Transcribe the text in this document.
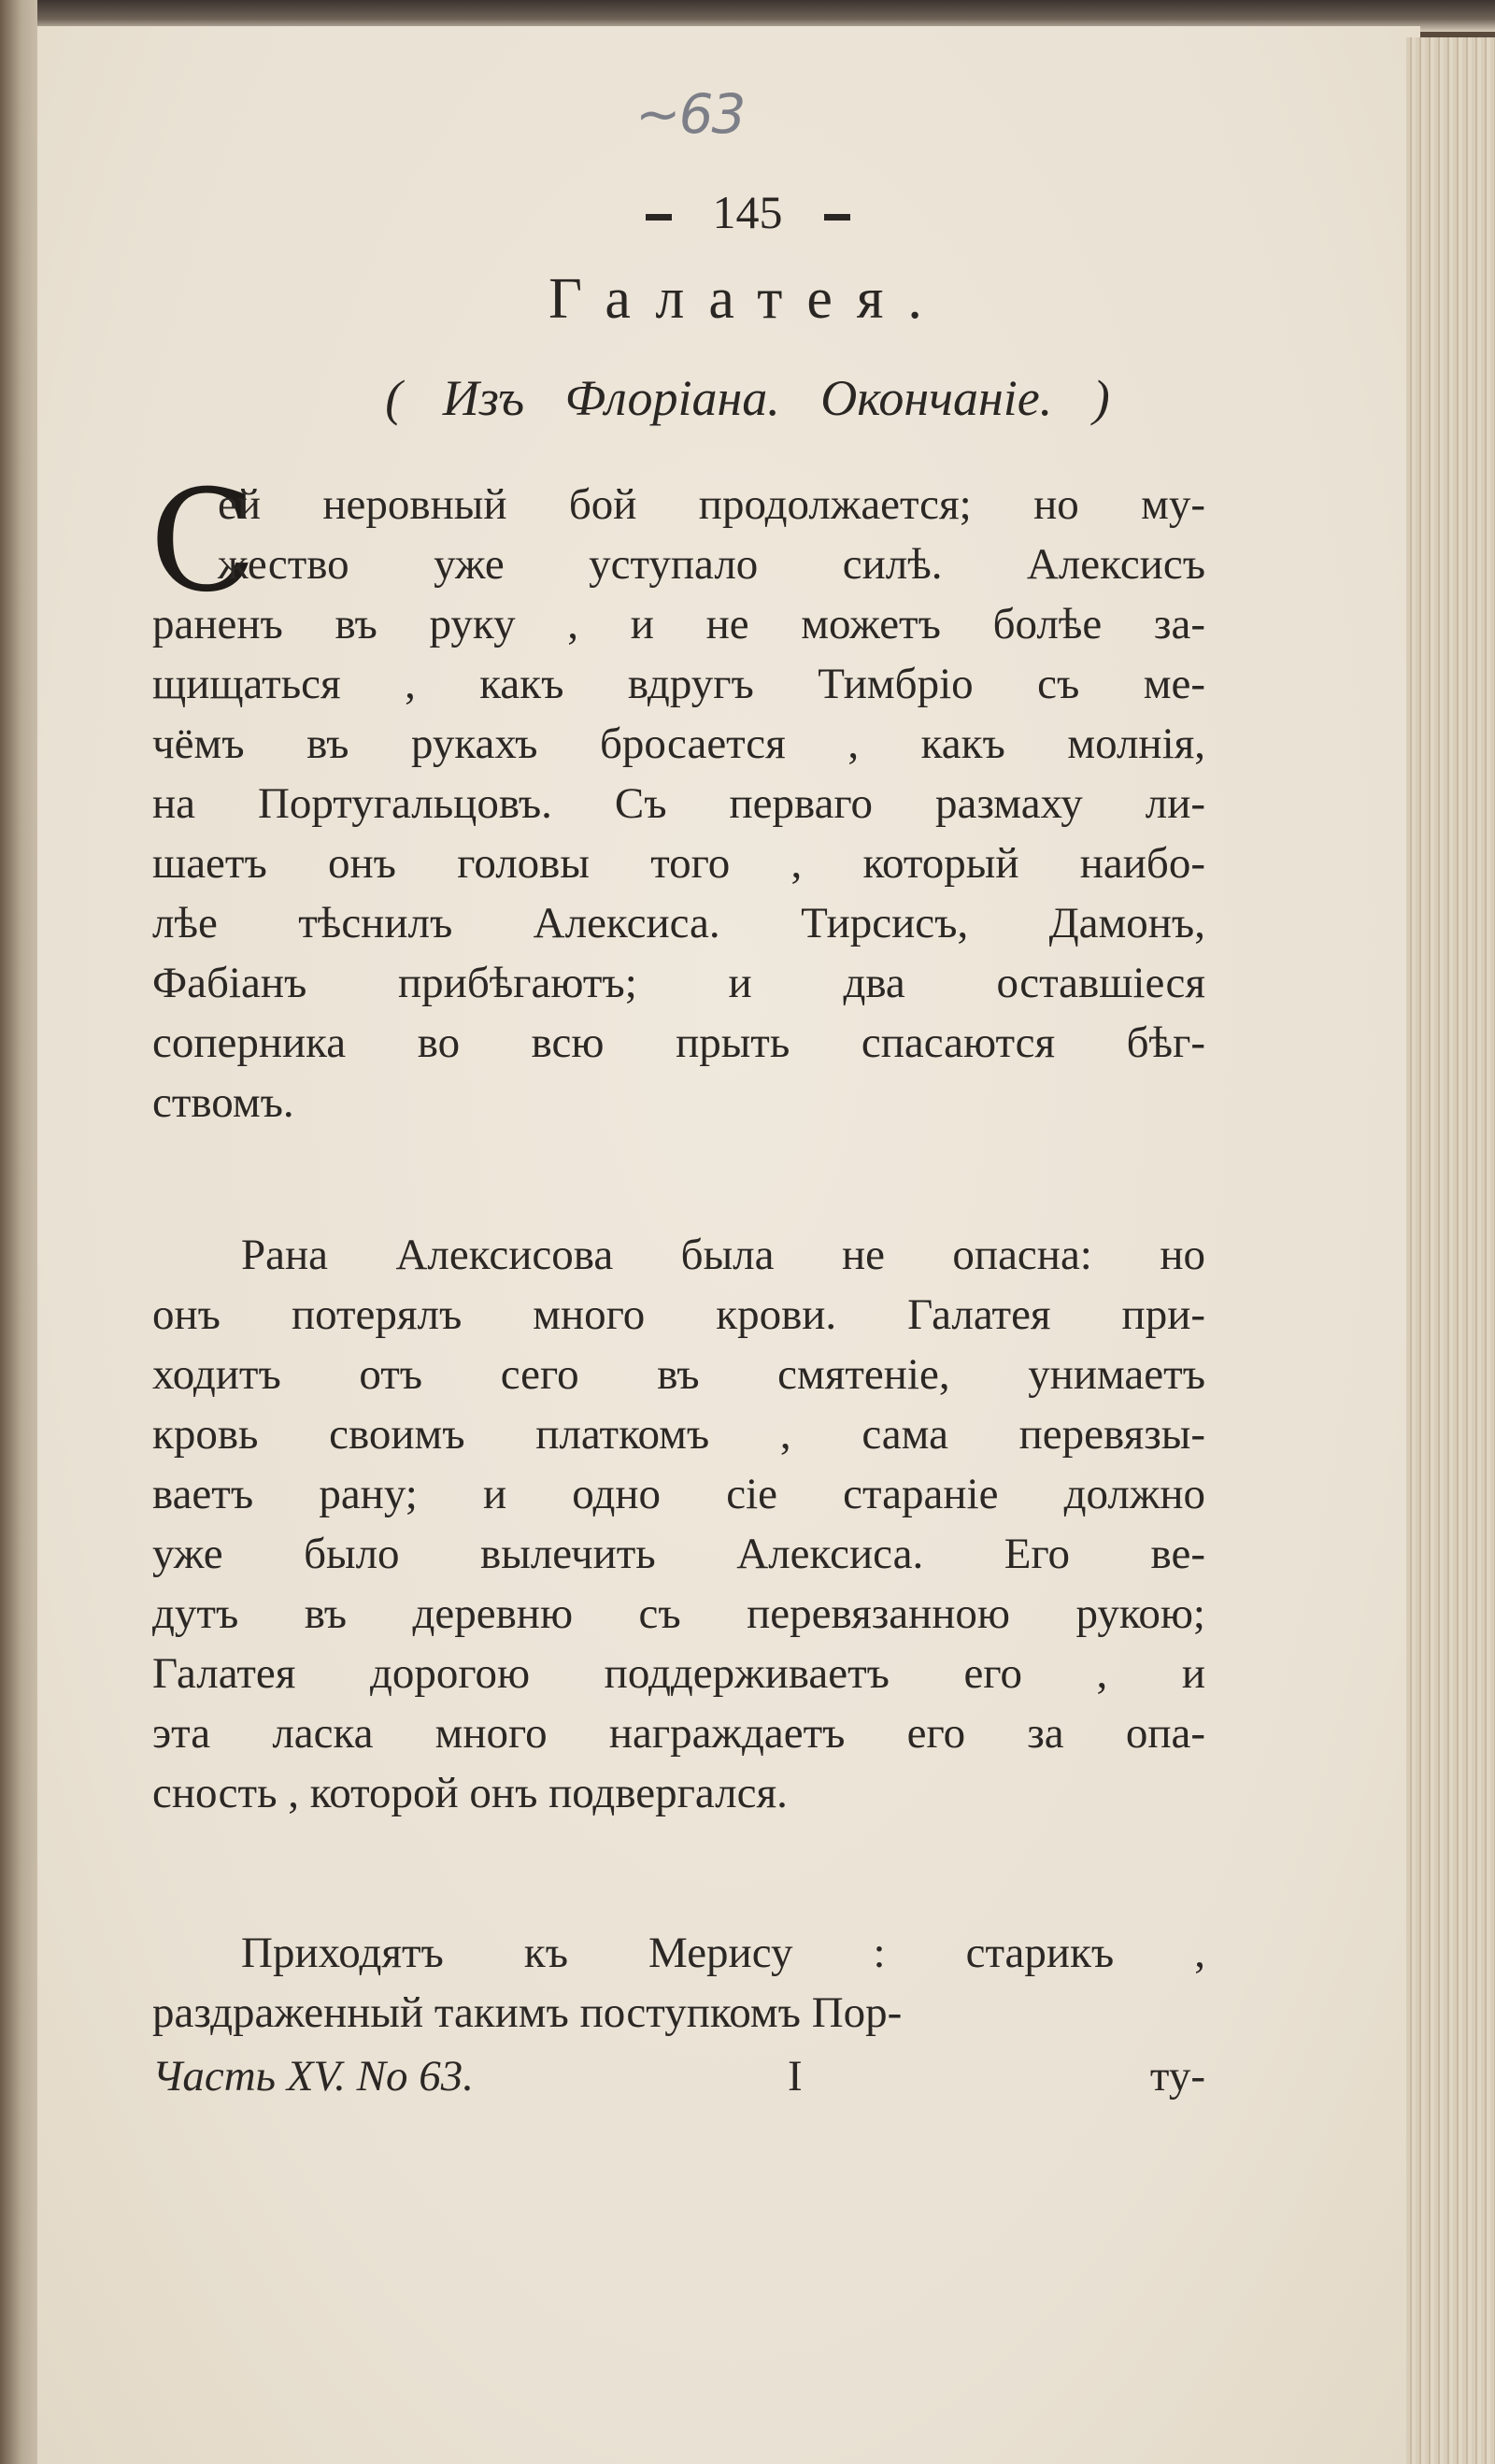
~63
145
Галатея.
( Изъ Флоріана. Окончаніе. )
С
ей неровный бой продолжается; но му-
жество уже уступало силѣ. Алексисъ
раненъ въ руку , и не можетъ болѣе за-
щищаться , какъ вдругъ Тимбріо съ ме-
чёмъ въ рукахъ бросается , какъ молнія,
на Португальцовъ. Съ перваго размаху ли-
шаетъ онъ головы того , который наибо-
лѣе тѣснилъ Алексиса. Тирсисъ, Дамонъ,
Фабіанъ прибѣгаютъ; и два оставшіеся
соперника во всю прыть спасаются бѣг-
ствомъ.
Рана Алексисова была не опасна: но
онъ потерялъ много крови. Галатея при-
ходитъ отъ сего въ смятеніе, унимаетъ
кровь своимъ платкомъ , сама перевязы-
ваетъ рану; и одно сіе стараніе должно
уже было вылечить Алексиса. Его ве-
дутъ въ деревню съ перевязанною рукою;
Галатея дорогою поддерживаетъ его , и
эта ласка много награждаетъ его за опа-
сность , которой онъ подвергался.
Приходятъ къ Мерису : старикъ ,
раздраженный такимъ поступкомъ Пор-
Часть XV. No 63.	I	ту-
